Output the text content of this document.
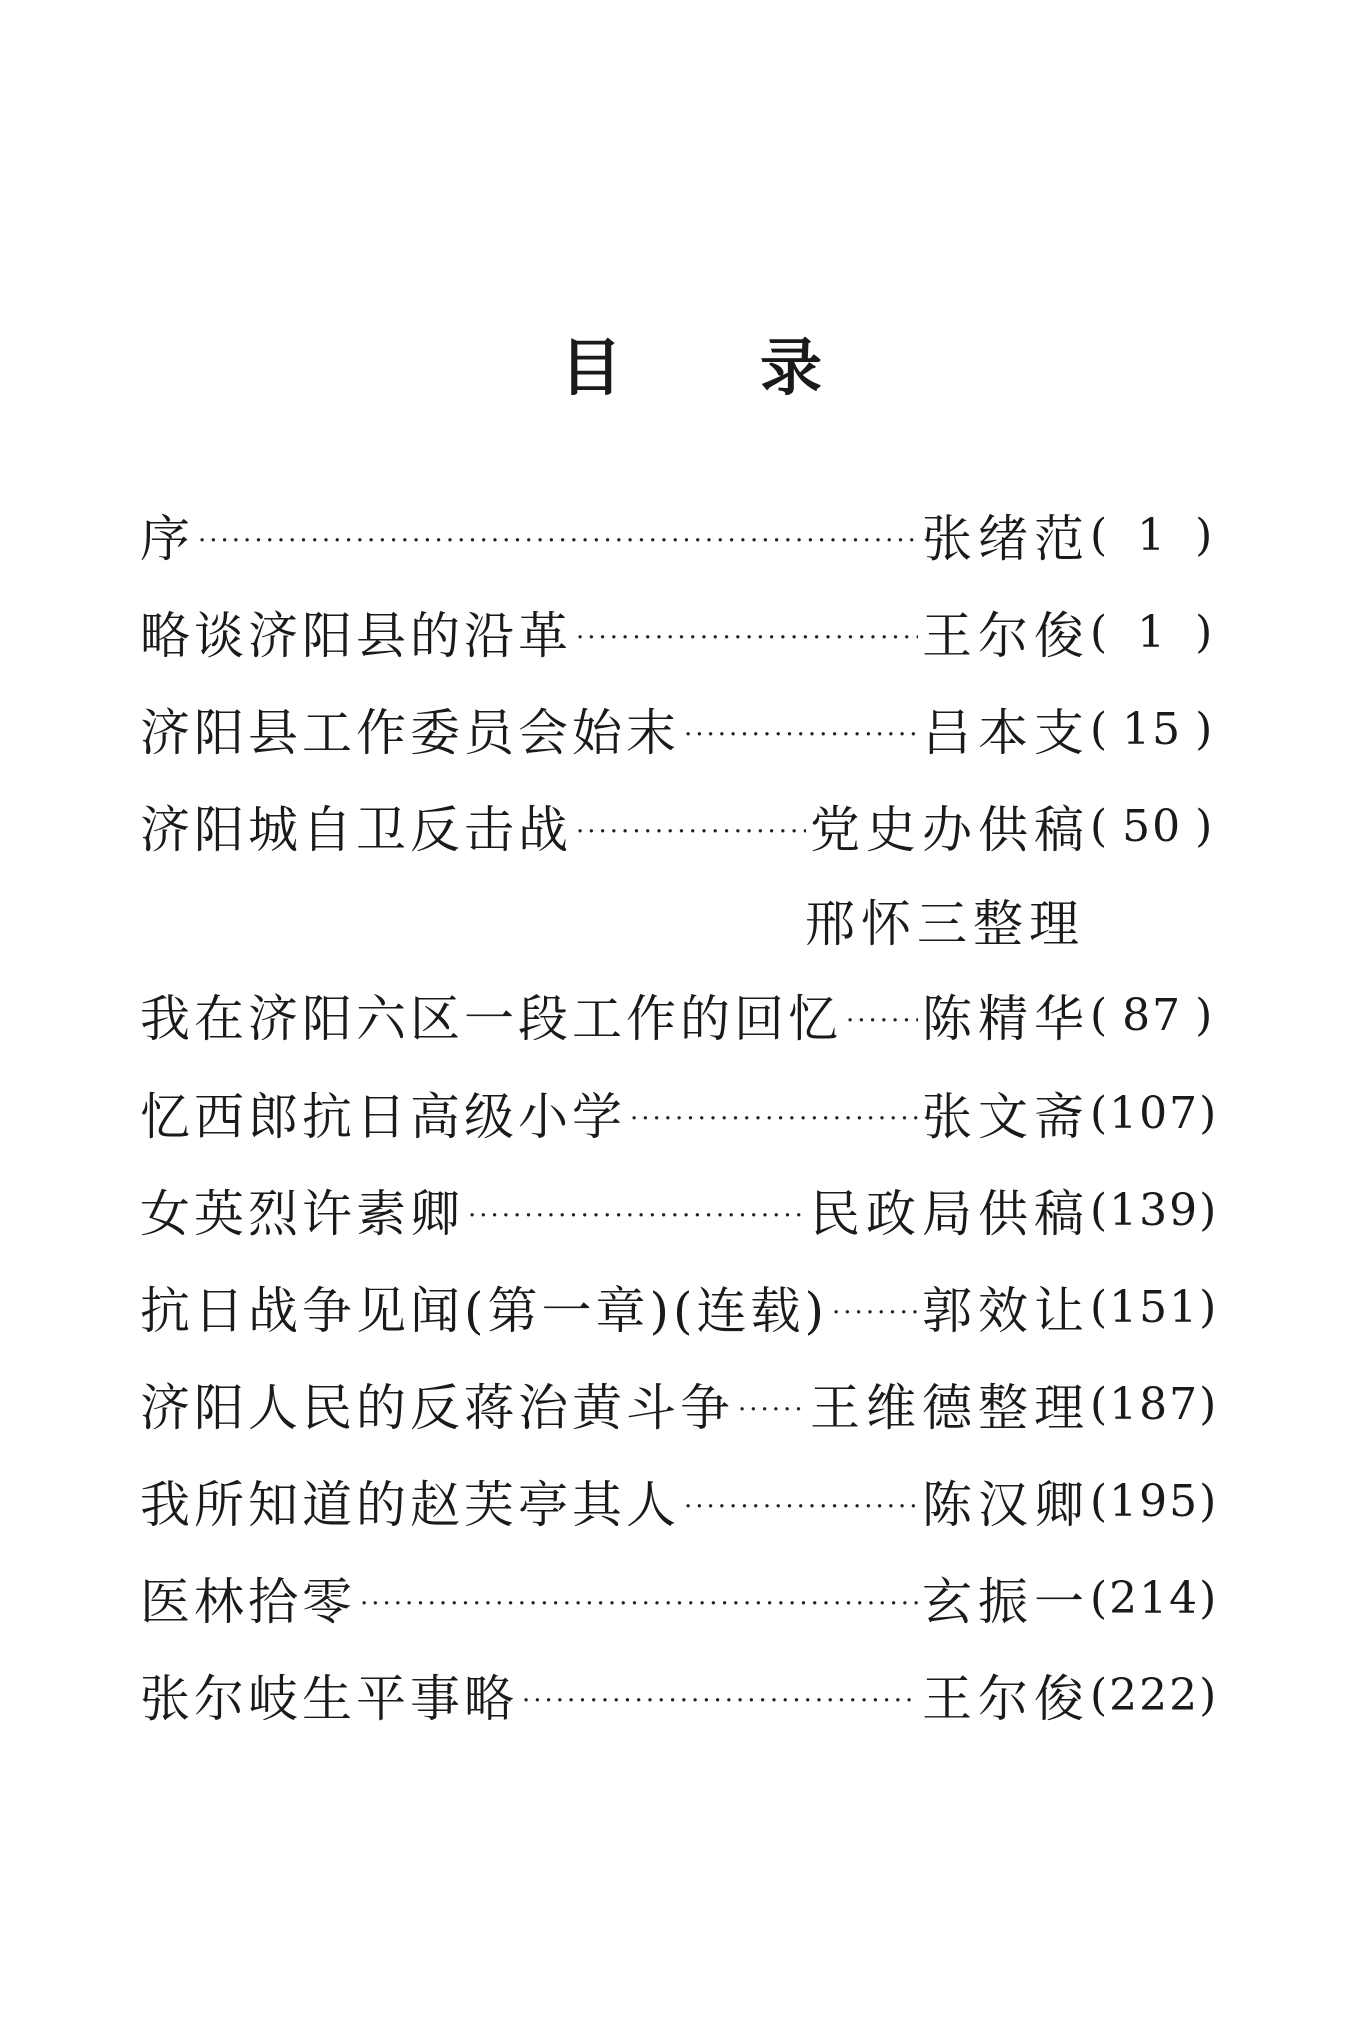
目 录
序 ·····	张绪范 ( 1 )
略谈济阳县的沿革 ·····	王尔俊 ( 1 )
济阳县工作委员会始末 ·····	吕本支 ( 15 )
济阳城自卫反击战 ·····	党史办供稿 ( 50 )
邢怀三整理
我在济阳六区一段工作的回忆 ····· 陈精华 ( 87 )
忆西郎抗日高级小学 ·····	张文斋 (107)
女英烈许素卿 ·····	民政局供稿 (139)
抗日战争见闻(第一章)(连载) ····· 郭效让 (151)
济阳人民的反蒋治黄斗争 ····· 王维德整理 (187)
我所知道的赵芙亭其人 ·····	陈汉卿 (195)
医林拾零 ·····	玄振一 (214)
张尔岐生平事略 ·····	王尔俊 (222)
